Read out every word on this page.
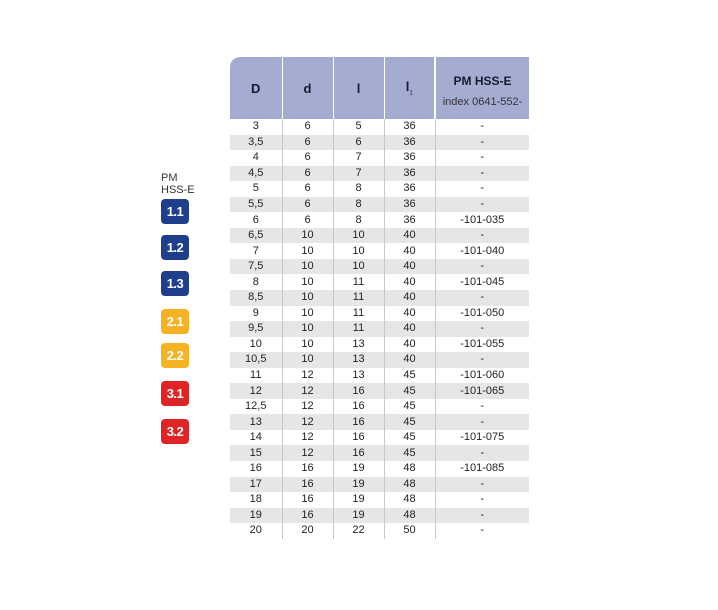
PM
HSS-E
1.1
1.2
1.3
2.1
2.2
3.1
3.2
D	d	l	$l_1$	PM HSS-E
index 0641-552-

3	6	5	36	-
3,5	6	6	36	-
4	6	7	36	-
4,5	6	7	36	-
5	6	8	36	-
5,5	6	8	36	-
6	6	8	36	-101-035
6,5	10	10	40	-
7	10	10	40	-101-040
7,5	10	10	40	-
8	10	11	40	-101-045
8,5	10	11	40	-
9	10	11	40	-101-050
9,5	10	11	40	-
10	10	13	40	-101-055
10,5	10	13	40	-
11	12	13	45	-101-060
12	12	16	45	-101-065
12,5	12	16	45	-
13	12	16	45	-
14	12	16	45	-101-075
15	12	16	45	-
16	16	19	48	-101-085
17	16	19	48	-
18	16	19	48	-
19	16	19	48	-
20	20	22	50	-
